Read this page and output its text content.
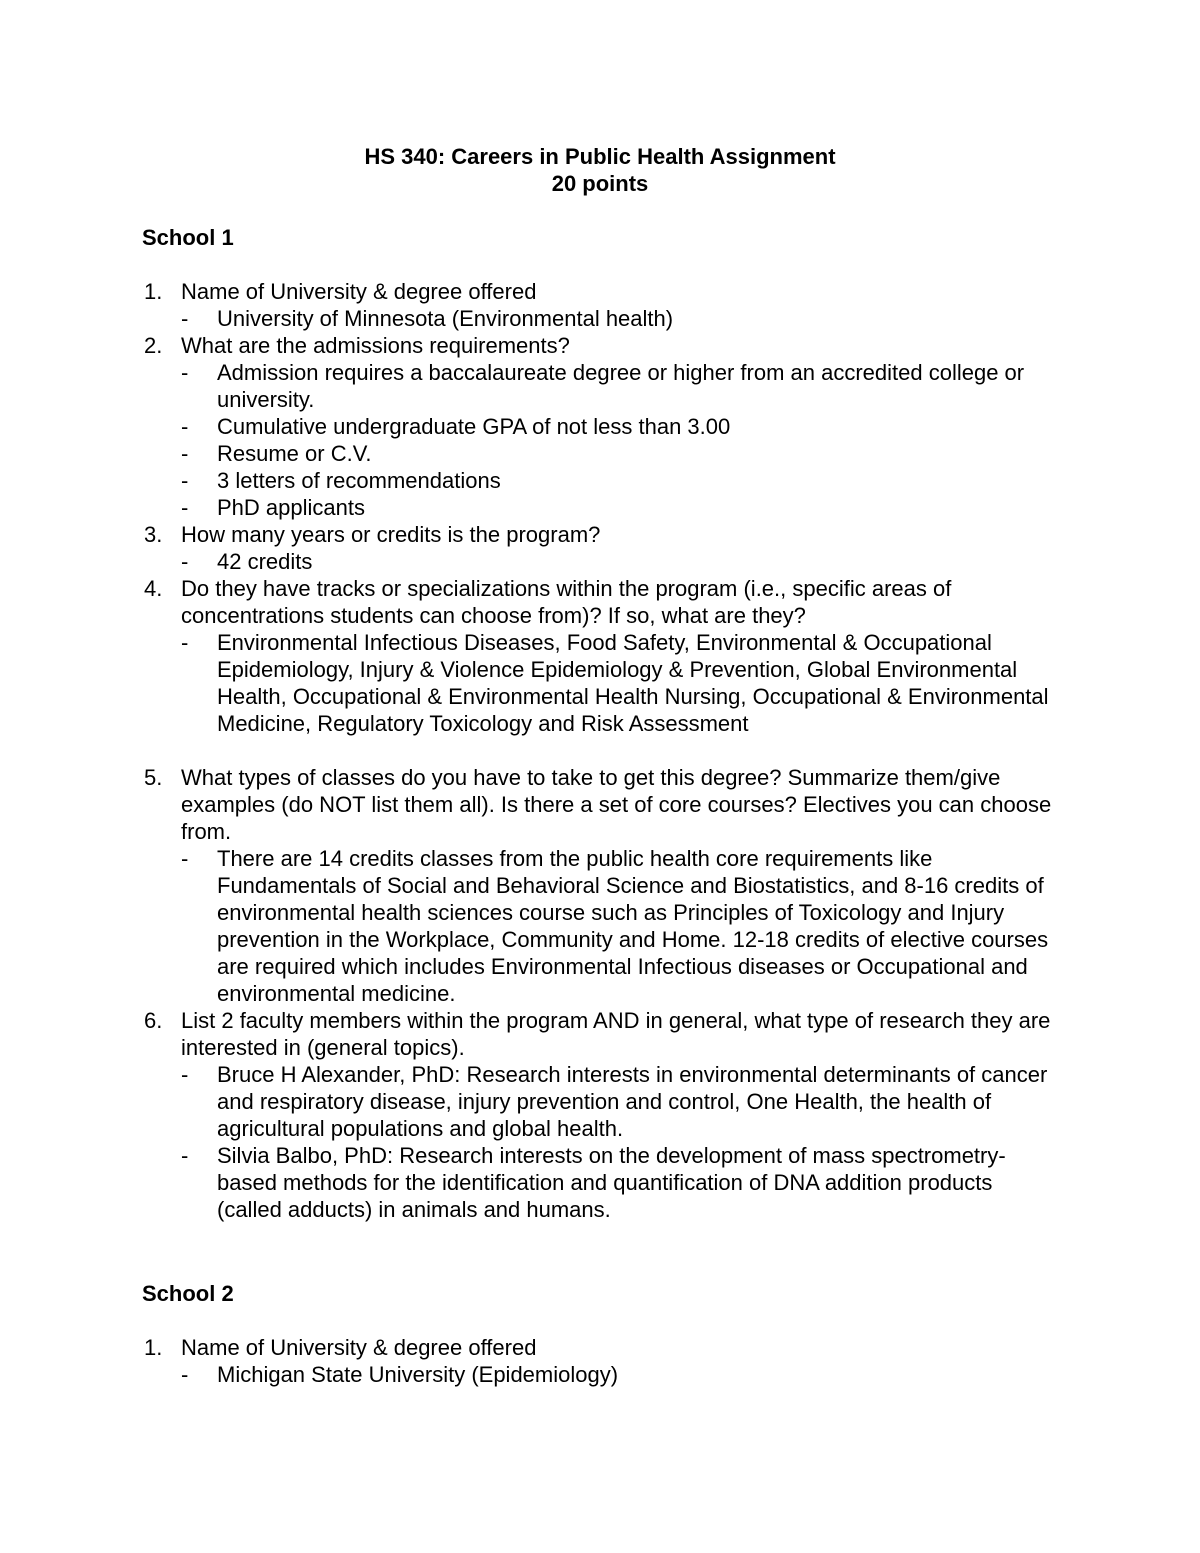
HS 340: Careers in Public Health Assignment
20 points
School 1
1. Name of University & degree offered
- University of Minnesota (Environmental health)
2. What are the admissions requirements?
- Admission requires a baccalaureate degree or higher from an accredited college or university.
- Cumulative undergraduate GPA of not less than 3.00
- Resume or C.V.
- 3 letters of recommendations
- PhD applicants
3. How many years or credits is the program?
- 42 credits
4. Do they have tracks or specializations within the program (i.e., specific areas of concentrations students can choose from)? If so, what are they?
- Environmental Infectious Diseases, Food Safety, Environmental & Occupational Epidemiology, Injury & Violence Epidemiology & Prevention, Global Environmental Health, Occupational & Environmental Health Nursing, Occupational & Environmental Medicine, Regulatory Toxicology and Risk Assessment
5. What types of classes do you have to take to get this degree? Summarize them/give examples (do NOT list them all). Is there a set of core courses? Electives you can choose from.
- There are 14 credits classes from the public health core requirements like Fundamentals of Social and Behavioral Science and Biostatistics, and 8-16 credits of environmental health sciences course such as Principles of Toxicology and Injury prevention in the Workplace, Community and Home. 12-18 credits of elective courses are required which includes Environmental Infectious diseases or Occupational and environmental medicine.
6. List 2 faculty members within the program AND in general, what type of research they are interested in (general topics).
- Bruce H Alexander, PhD: Research interests in environmental determinants of cancer and respiratory disease, injury prevention and control, One Health, the health of agricultural populations and global health.
- Silvia Balbo, PhD: Research interests on the development of mass spectrometry-based methods for the identification and quantification of DNA addition products (called adducts) in animals and humans.
School 2
1. Name of University & degree offered
- Michigan State University (Epidemiology)
